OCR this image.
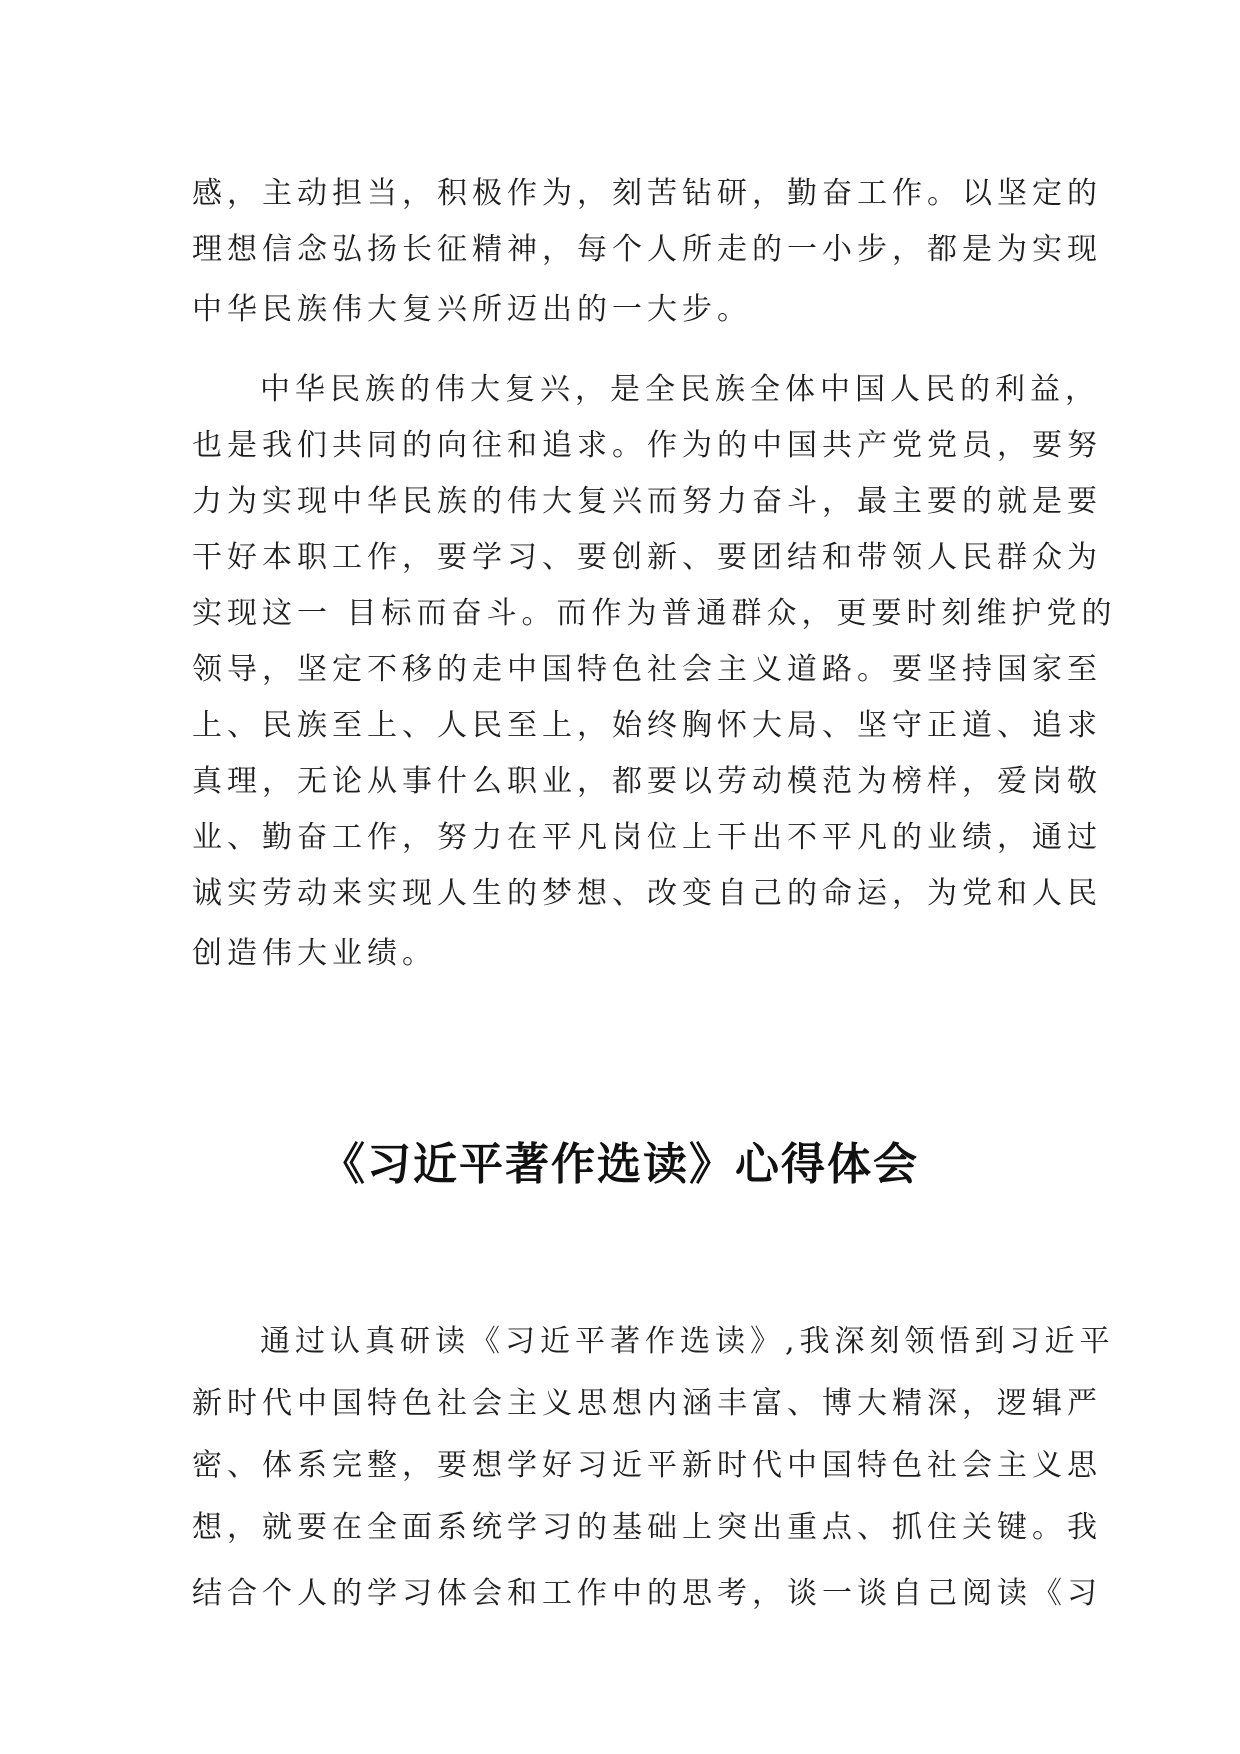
感，主动担当，积极作为，刻苦钻研，勤奋工作。以坚定的
理想信念弘扬长征精神，每个人所走的一小步，都是为实现
中华民族伟大复兴所迈出的一大步。
中华民族的伟大复兴，是全民族全体中国人民的利益，
也是我们共同的向往和追求。作为的中国共产党党员，要努
力为实现中华民族的伟大复兴而努力奋斗，最主要的就是要
干好本职工作，要学习、要创新、要团结和带领人民群众为
实现这一 目标而奋斗。而作为普通群众，更要时刻维护党的
领导，坚定不移的走中国特色社会主义道路。要坚持国家至
上、民族至上、人民至上，始终胸怀大局、坚守正道、追求
真理，无论从事什么职业，都要以劳动模范为榜样，爱岗敬
业、勤奋工作，努力在平凡岗位上干出不平凡的业绩，通过
诚实劳动来实现人生的梦想、改变自己的命运，为党和人民
创造伟大业绩。
《习近平著作选读》心得体会
通过认真研读《习近平著作选读》,我深刻领悟到习近平
新时代中国特色社会主义思想内涵丰富、博大精深，逻辑严
密、体系完整，要想学好习近平新时代中国特色社会主义思
想，就要在全面系统学习的基础上突出重点、抓住关键。我
结合个人的学习体会和工作中的思考，谈一谈自己阅读《习
